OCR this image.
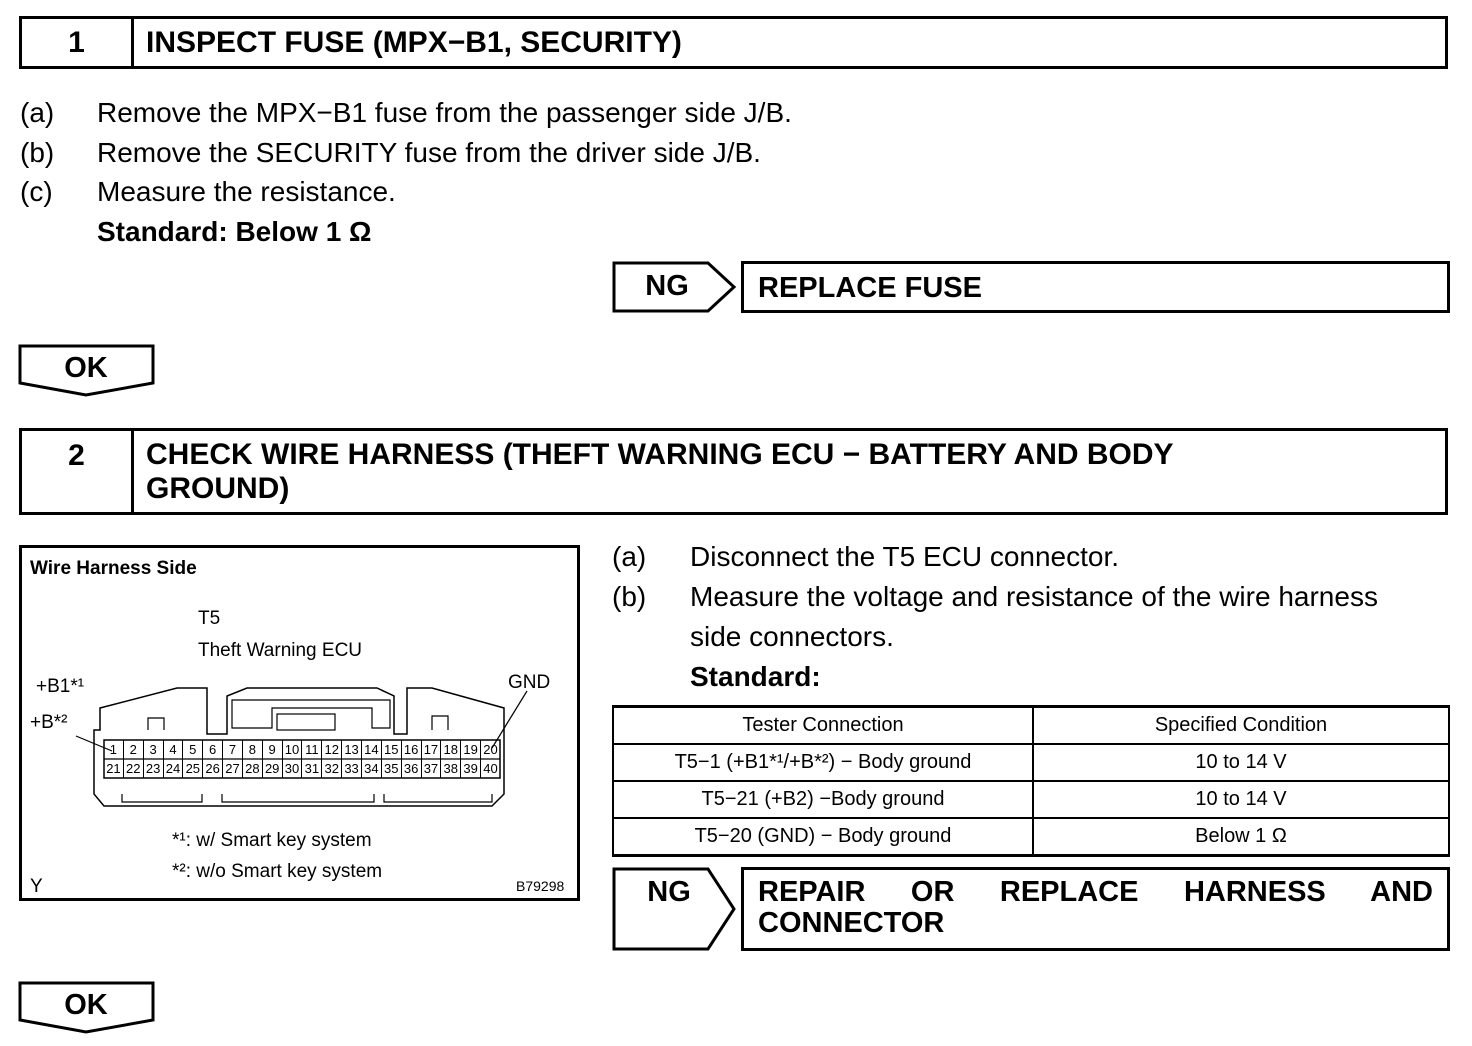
1	INSPECT FUSE (MPX−B1, SECURITY)
(a) Remove the MPX−B1 fuse from the passenger side J/B.
(b) Remove the SECURITY fuse from the driver side J/B.
(c) Measure the resistance.
Standard: Below 1 Ω
NG	REPLACE FUSE
OK
2	CHECK WIRE HARNESS (THEFT WARNING ECU − BATTERY AND BODY
GROUND)
Wire Harness Side
T5
Theft Warning ECU
+B1*¹
+B*²
GND
1 2 3 4 5 6 7 8 9 10 11 12 13 14 15 16 17 18 19 20
21 22 23 24 25 26 27 28 29 30 31 32 33 34 35 36 37 38 39 40
*¹: w/ Smart key system
*²: w/o Smart key system
Y	B79298
(a) Disconnect the T5 ECU connector.
(b) Measure the voltage and resistance of the wire harness
side connectors.
Standard:
Tester Connection	Specified Condition
T5−1 (+B1*¹/+B*²) − Body ground	10 to 14 V
T5−21 (+B2) −Body ground	10 to 14 V
T5−20 (GND) − Body ground	Below 1 Ω
NG	REPAIR OR REPLACE HARNESS AND
CONNECTOR
OK
